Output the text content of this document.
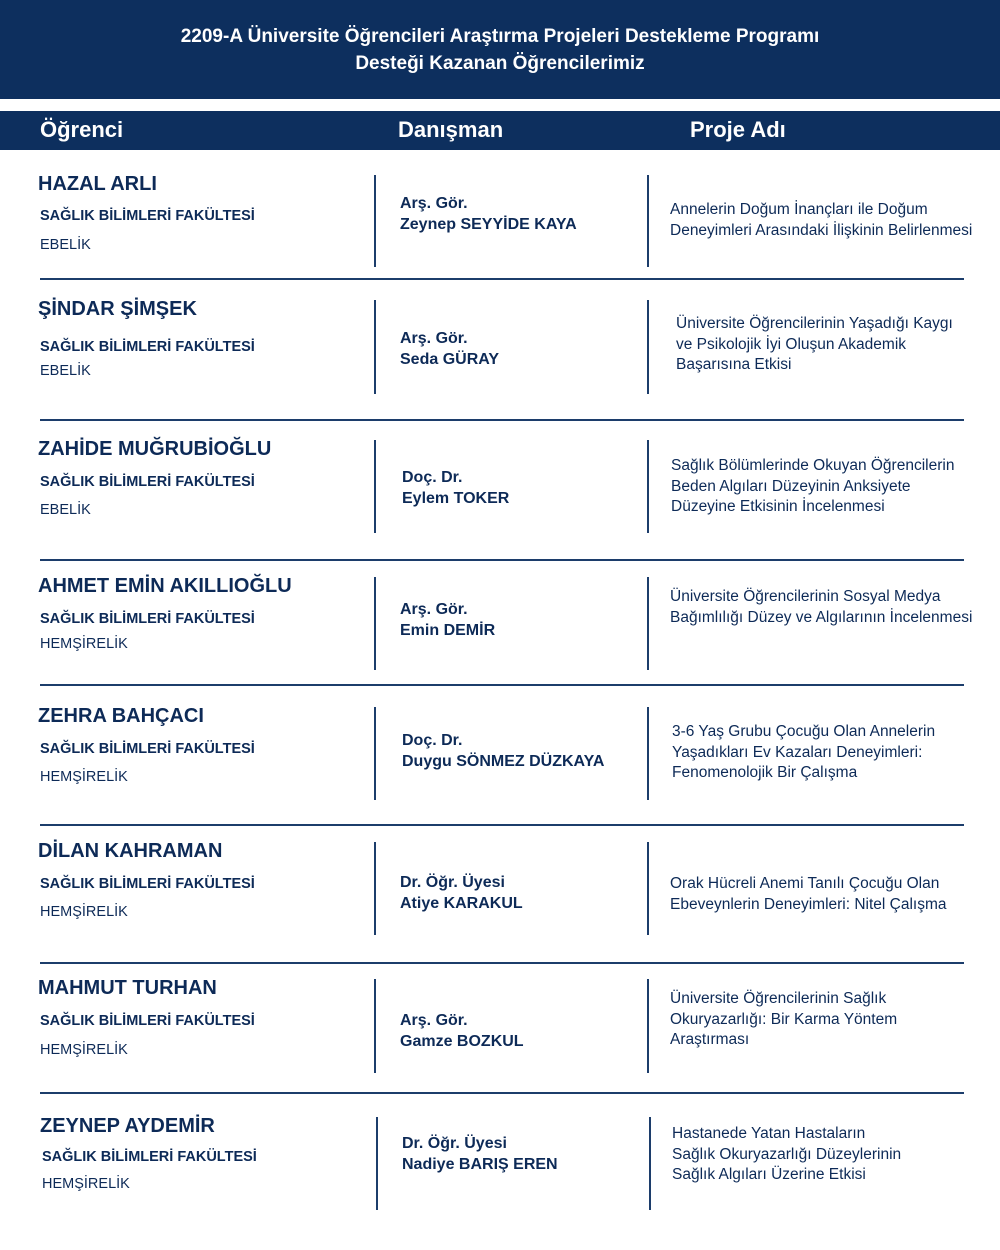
2209-A Üniversite Öğrencileri Araştırma Projeleri Destekleme Programı
Desteği Kazanan Öğrencilerimiz
Öğrenci	Danışman	Proje Adı
HAZAL ARLI
SAĞLIK BİLİMLERİ FAKÜLTESİ
EBELİK
Arş. Gör.
Zeynep SEYYİDE KAYA
Annelerin Doğum İnançları ile Doğum
Deneyimleri Arasındaki İlişkinin Belirlenmesi
ŞİNDAR ŞİMŞEK
SAĞLIK BİLİMLERİ FAKÜLTESİ
EBELİK
Arş. Gör.
Seda GÜRAY
Üniversite Öğrencilerinin Yaşadığı Kaygı
ve Psikolojik İyi Oluşun Akademik
Başarısına Etkisi
ZAHİDE MUĞRUBİOĞLU
SAĞLIK BİLİMLERİ FAKÜLTESİ
EBELİK
Doç. Dr.
Eylem TOKER
Sağlık Bölümlerinde Okuyan Öğrencilerin
Beden Algıları Düzeyinin Anksiyete
Düzeyine Etkisinin İncelenmesi
AHMET EMİN AKILLIOĞLU
SAĞLIK BİLİMLERİ FAKÜLTESİ
HEMŞİRELİK
Arş. Gör.
Emin DEMİR
Üniversite Öğrencilerinin Sosyal Medya
Bağımlılığı Düzey ve Algılarının İncelenmesi
ZEHRA BAHÇACI
SAĞLIK BİLİMLERİ FAKÜLTESİ
HEMŞİRELİK
Doç. Dr.
Duygu SÖNMEZ DÜZKAYA
3-6 Yaş Grubu Çocuğu Olan Annelerin
Yaşadıkları Ev Kazaları Deneyimleri:
Fenomenolojik Bir Çalışma
DİLAN KAHRAMAN
SAĞLIK BİLİMLERİ FAKÜLTESİ
HEMŞİRELİK
Dr. Öğr. Üyesi
Atiye KARAKUL
Orak Hücreli Anemi Tanılı Çocuğu Olan
Ebeveynlerin Deneyimleri: Nitel Çalışma
MAHMUT TURHAN
SAĞLIK BİLİMLERİ FAKÜLTESİ
HEMŞİRELİK
Arş. Gör.
Gamze BOZKUL
Üniversite Öğrencilerinin Sağlık
Okuryazarlığı: Bir Karma Yöntem
Araştırması
ZEYNEP AYDEMİR
SAĞLIK BİLİMLERİ FAKÜLTESİ
HEMŞİRELİK
Dr. Öğr. Üyesi
Nadiye BARIŞ EREN
Hastanede Yatan Hastaların
Sağlık Okuryazarlığı Düzeylerinin
Sağlık Algıları Üzerine Etkisi
